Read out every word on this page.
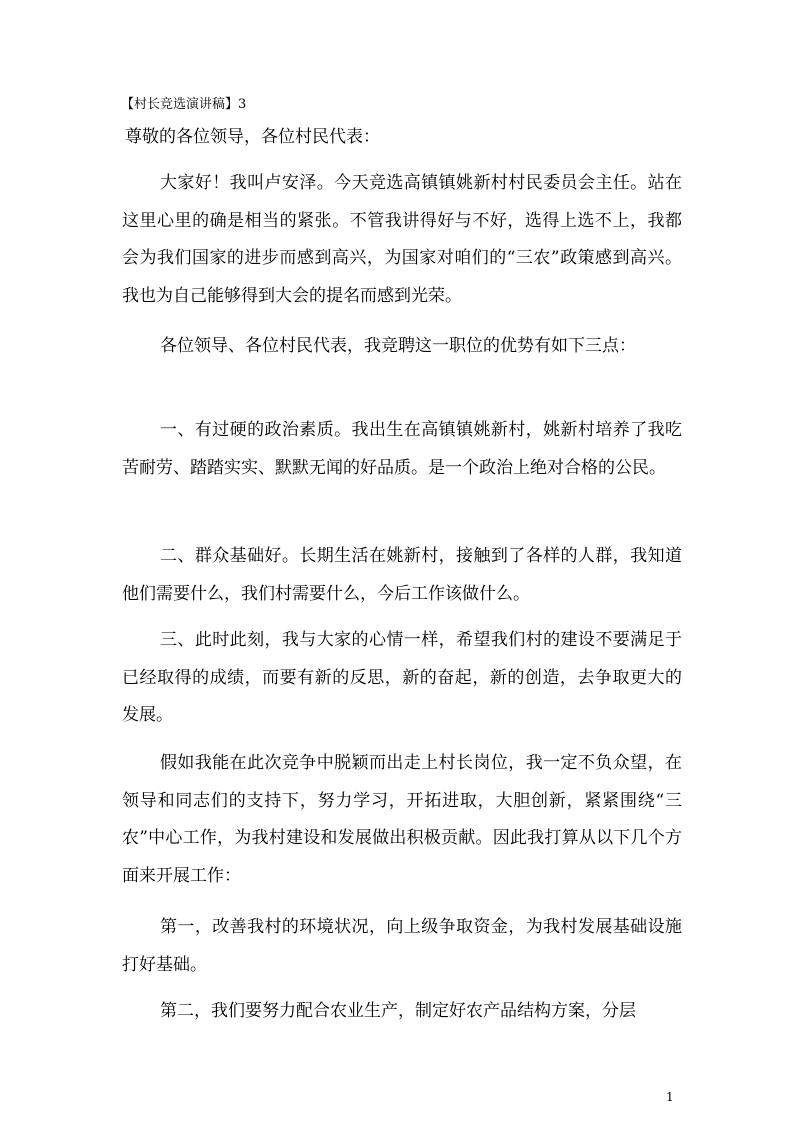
【村长竞选演讲稿】3
尊敬的各位领导，各位村民代表：

大家好！我叫卢安泽。今天竞选高镇镇姚新村村民委员会主任。站在这里心里的确是相当的紧张。不管我讲得好与不好，选得上选不上，我都会为我们国家的进步而感到高兴，为国家对咱们的“三农”政策感到高兴。我也为自己能够得到大会的提名而感到光荣。

各位领导、各位村民代表，我竞聘这一职位的优势有如下三点：

一、有过硬的政治素质。我出生在高镇镇姚新村，姚新村培养了我吃苦耐劳、踏踏实实、默默无闻的好品质。是一个政治上绝对合格的公民。

二、群众基础好。长期生活在姚新村，接触到了各样的人群，我知道他们需要什么，我们村需要什么，今后工作该做什么。

三、此时此刻，我与大家的心情一样，希望我们村的建设不要满足于已经取得的成绩，而要有新的反思，新的奋起，新的创造，去争取更大的发展。

假如我能在此次竞争中脱颖而出走上村长岗位，我一定不负众望，在领导和同志们的支持下，努力学习，开拓进取，大胆创新，紧紧围绕“三农”中心工作，为我村建设和发展做出积极贡献。因此我打算从以下几个方面来开展工作：

第一，改善我村的环境状况，向上级争取资金，为我村发展基础设施打好基础。

第二，我们要努力配合农业生产，制定好农产品结构方案，分层

1
